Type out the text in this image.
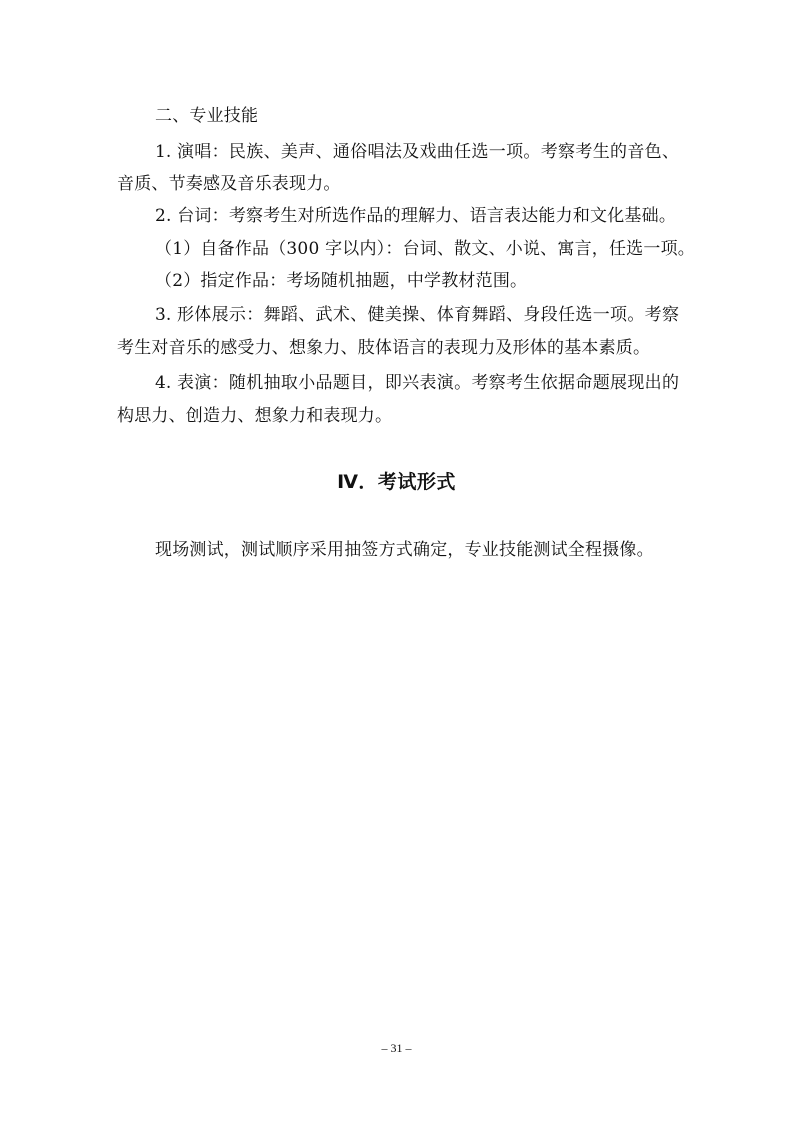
二、专业技能
1. 演唱：民族、美声、通俗唱法及戏曲任选一项。考察考生的音色、
音质、节奏感及音乐表现力。
2. 台词：考察考生对所选作品的理解力、语言表达能力和文化基础。
（1）自备作品（300 字以内）：台词、散文、小说、寓言，任选一项。
（2）指定作品：考场随机抽题，中学教材范围。
3. 形体展示：舞蹈、武术、健美操、体育舞蹈、身段任选一项。考察
考生对音乐的感受力、想象力、肢体语言的表现力及形体的基本素质。
4. 表演：随机抽取小品题目，即兴表演。考察考生依据命题展现出的
构思力、创造力、想象力和表现力。
Ⅳ．考试形式
现场测试，测试顺序采用抽签方式确定，专业技能测试全程摄像。
– 31 –
